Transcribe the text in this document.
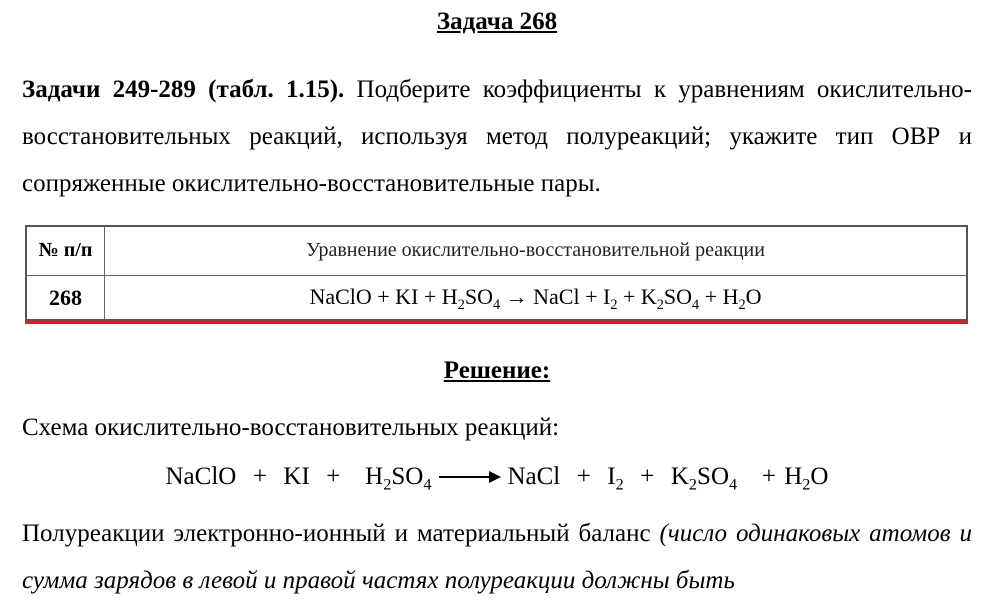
Задача 268
Задачи 249-289 (табл. 1.15). Подберите коэффициенты к уравнениям окислительно-восстановительных реакций, используя метод полуреакций; укажите тип ОВР и сопряженные окислительно-восстановительные пары.
№ п/п	Уравнение окислительно-восстановительной реакции
268	NaClO + KI + $H_2SO_4$ → NaCl + $I_2 + K_2SO_4 + H_2O$
Решение:
Схема окислительно-восстановительных реакций:
NaClO  +  KI  +   $H_2SO_4$ → NaCl  +  $I_2 + K_2SO_4 + H_2O$
Полуреакции электронно-ионный и материальный баланс (число одинаковых атомов и сумма зарядов в левой и правой частях полуреакции должны быть
